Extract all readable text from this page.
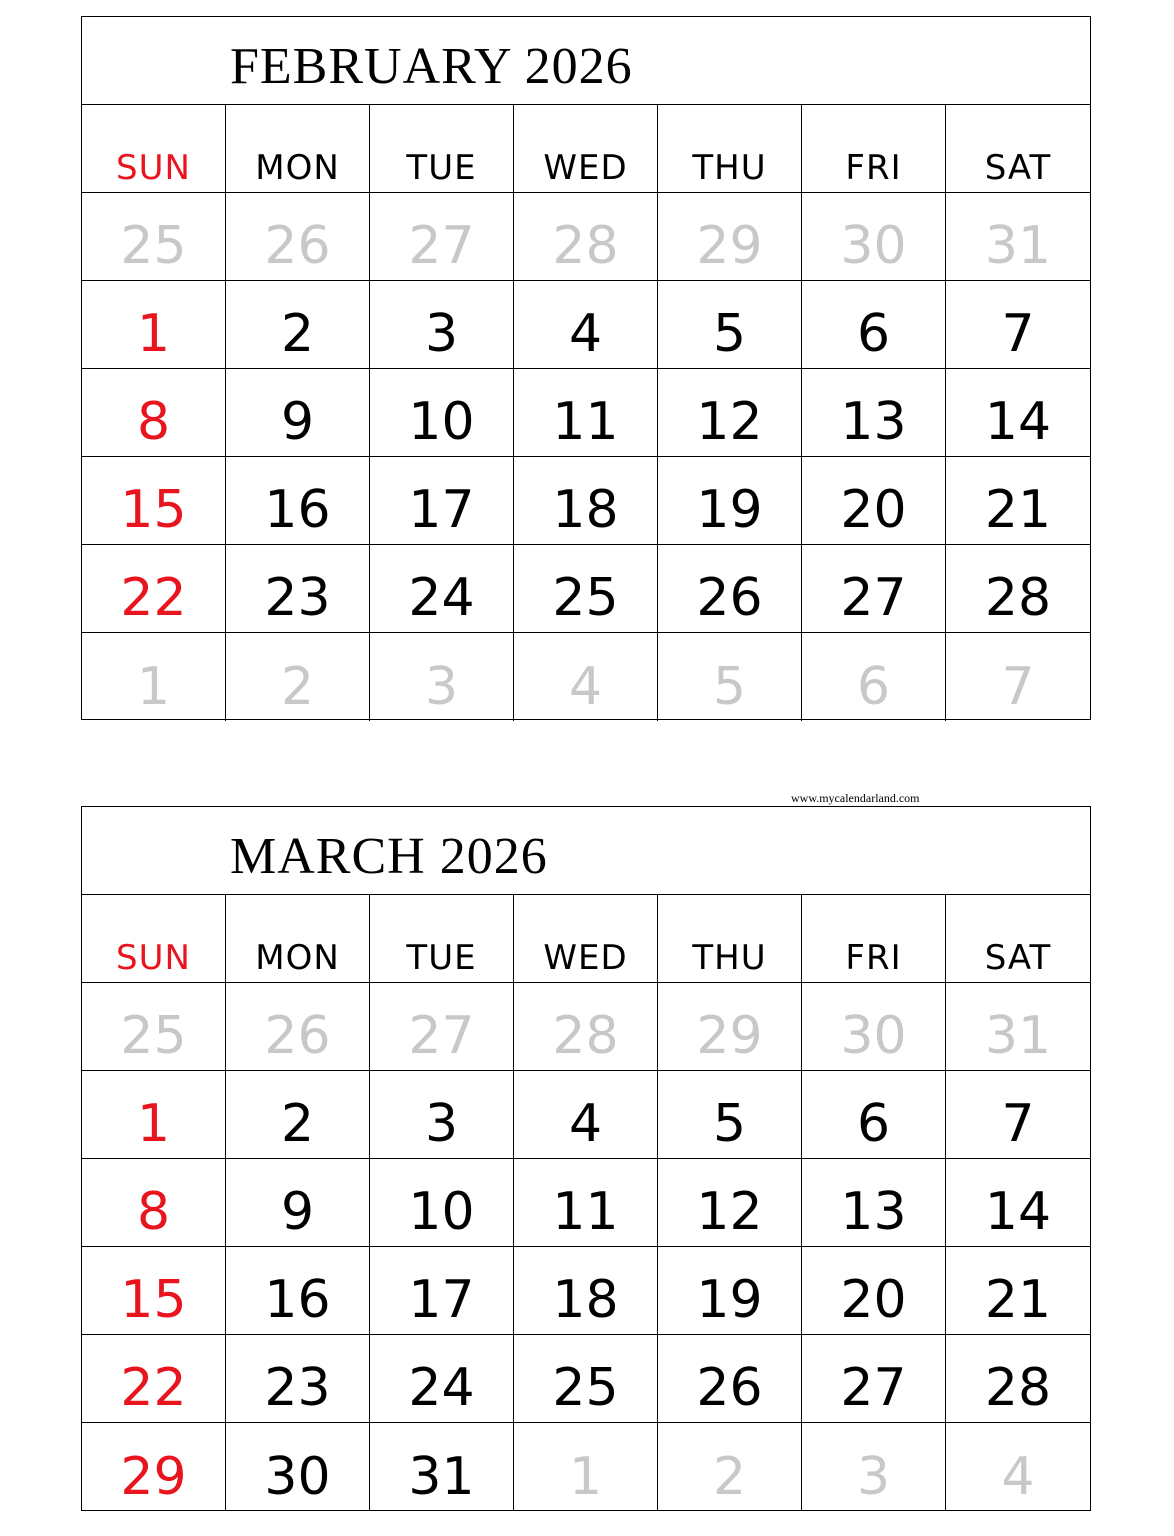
FEBRUARY 2026
SUN MON TUE WED THU FRI SAT
25 26 27 28 29 30 31
1 2 3 4 5 6 7
8 9 10 11 12 13 14
15 16 17 18 19 20 21
22 23 24 25 26 27 28
1 2 3 4 5 6 7
www.mycalendarland.com
MARCH 2026
SUN MON TUE WED THU FRI SAT
25 26 27 28 29 30 31
1 2 3 4 5 6 7
8 9 10 11 12 13 14
15 16 17 18 19 20 21
22 23 24 25 26 27 28
29 30 31 1 2 3 4
